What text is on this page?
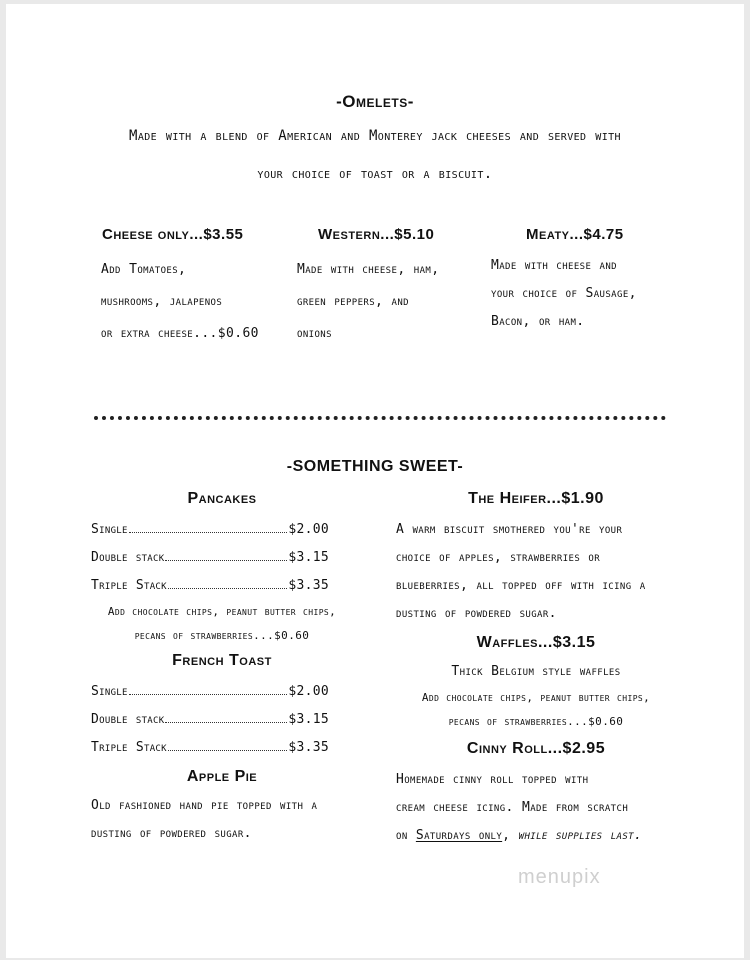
-Omelets-
Made with a blend of American and Monterey jack cheeses and served with
your choice of toast or a biscuit.
Cheese only...$3.55
Add Tomatoes,
mushrooms, jalapenos
or extra cheese...$0.60
Western...$5.10
Made with cheese, ham,
green peppers, and
onions
Meaty...$4.75
Made with cheese and
your choice of Sausage,
Bacon, or ham.
-SOMETHING SWEET-
Pancakes
Single	$2.00
Double stack	$3.15
Triple Stack	$3.35
Add chocolate chips, peanut butter chips,
pecans of strawberries...$0.60
French Toast
Single	$2.00
Double stack	$3.15
Triple Stack	$3.35
Apple Pie
Old fashioned hand pie topped with a
dusting of powdered sugar.
The Heifer...$1.90
A warm biscuit smothered you're your
choice of apples, strawberries or
blueberries, all topped off with icing a
dusting of powdered sugar.
Waffles...$3.15
Thick Belgium style waffles
Add chocolate chips, peanut butter chips,
pecans of strawberries...$0.60
Cinny Roll...$2.95
Homemade cinny roll topped with
cream cheese icing. Made from scratch
on Saturdays only, while supplies last.
menupix
